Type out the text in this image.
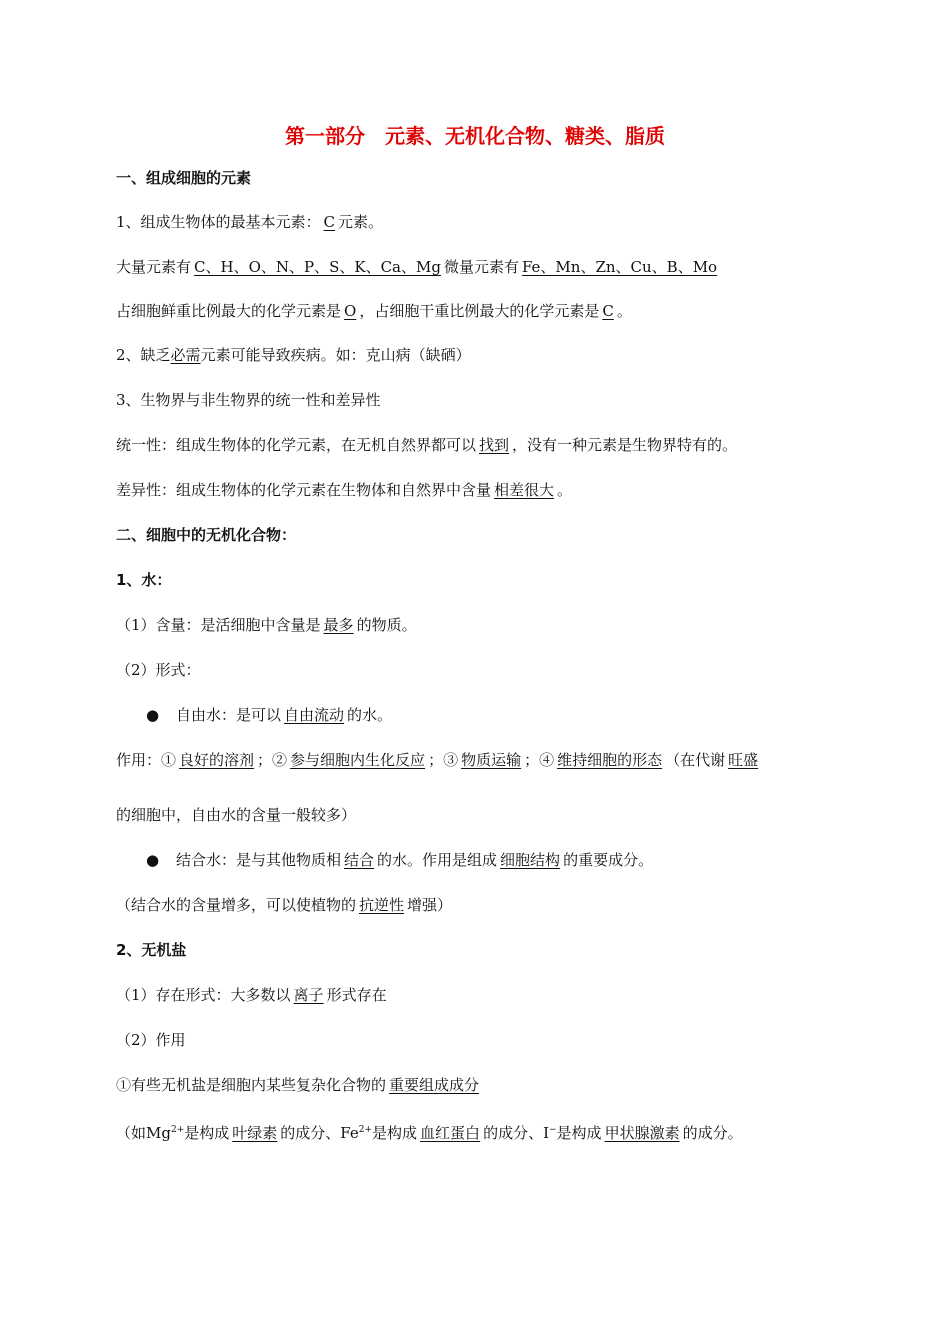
第一部分　元素、无机化合物、糖类、脂质
一、组成细胞的元素
1、组成生物体的最基本元素： C 元素。
大量元素有 C、H、O、N、P、S、K、Ca、Mg 微量元素有 Fe、Mn、Zn、Cu、B、Mo
占细胞鲜重比例最大的化学元素是 O ，占细胞干重比例最大的化学元素是 C 。
2、缺乏必需元素可能导致疾病。如：克山病（缺硒）
3、生物界与非生物界的统一性和差异性
统一性：组成生物体的化学元素，在无机自然界都可以 找到 ，没有一种元素是生物界特有的。
差异性：组成生物体的化学元素在生物体和自然界中含量 相差很大 。
二、细胞中的无机化合物：
1、水：
（1）含量：是活细胞中含量是 最多 的物质。
（2）形式：
● 自由水：是可以 自由流动 的水。
作用：① 良好的溶剂 ；② 参与细胞内生化反应 ；③ 物质运输 ；④ 维持细胞的形态 （在代谢 旺盛
的细胞中，自由水的含量一般较多）
● 结合水：是与其他物质相 结合 的水。作用是组成 细胞结构 的重要成分。
（结合水的含量增多，可以使植物的 抗逆性 增强）
2、无机盐
（1）存在形式：大多数以 离子 形式存在
（2）作用
①有些无机盐是细胞内某些复杂化合物的 重要组成成分
（如$Mg^{2+}$是构成 叶绿素 的成分、$Fe^{2+}$是构成 血红蛋白 的成分、I−是构成 甲状腺激素 的成分。
